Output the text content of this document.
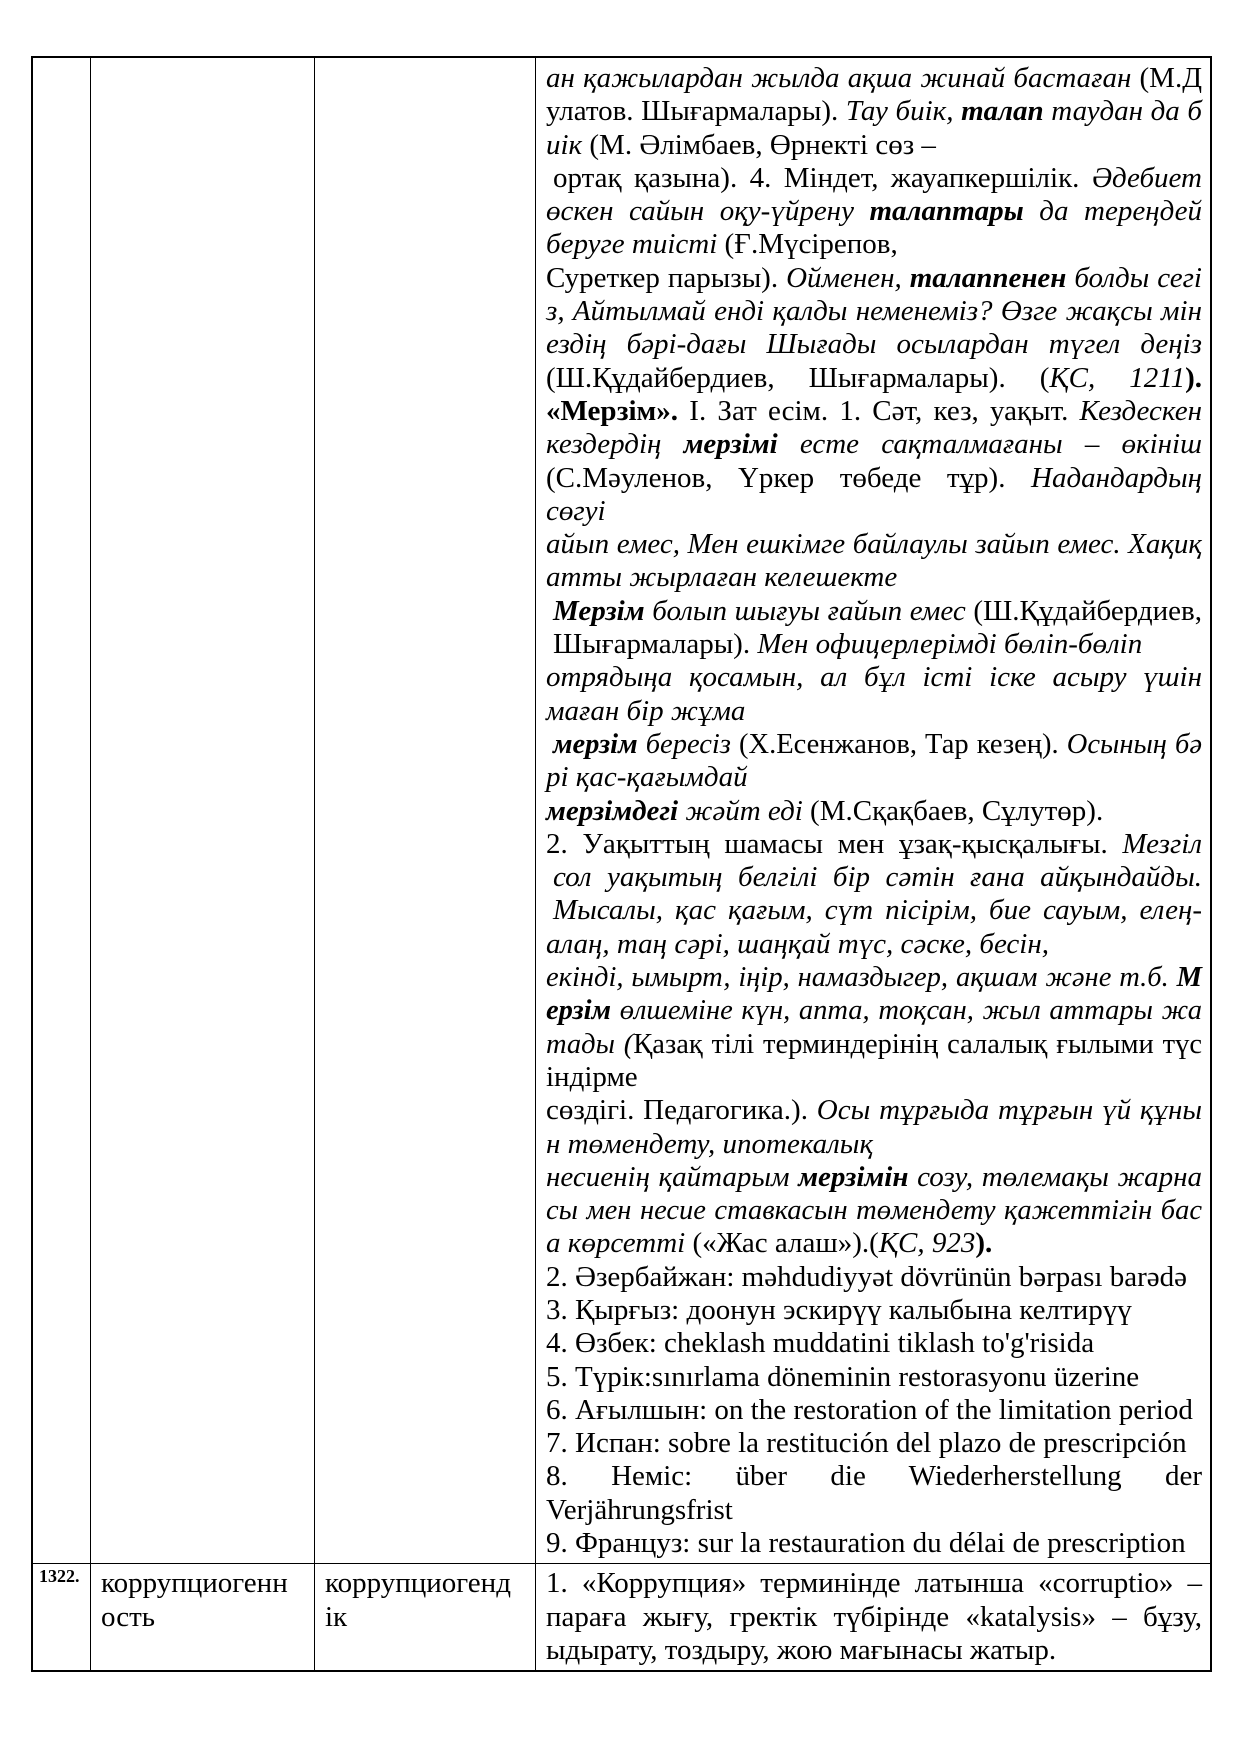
ан қажылардан жылда ақша жинай бастаған (М.Д
улатов. Шығармалары). Тау биік, талап таудан да б
иік (М. Әлімбаев, Өрнекті сөз –
ортақ қазына). 4. Міндет, жауапкершілік. Әдебиет
өскен сайын оқу-үйрену талаптары да тереңдей
беруге тиісті (Ғ.Мүсірепов,
Суреткер парызы). Ойменен, талаппенен болды сегі
з, Айтылмай енді қалды неменеміз? Өзге жақсы мін
ездің бәрі-дағы Шығады осылардан түгел деңіз
(Ш.Құдайбердиев, Шығармалары). (ҚС, 1211).
«Мерзім». I. Зат есім. 1. Сәт, кез, уақыт. Кездескен
кездердің мерзімі есте сақталмағаны – өкініш
(С.Мәуленов, Үркер төбеде тұр). Надандардың
сөгуі
айып емес, Мен ешкімге байлаулы зайып емес. Хақиқ
атты жырлаған келешекте
Мерзім болып шығуы ғайып емес (Ш.Құдайбердиев,
Шығармалары). Мен офицерлерімді бөліп-бөліп
отрядыңа қосамын, ал бұл істі іске асыру үшін
маған бір жұма
мерзім бересіз (Х.Есенжанов, Тар кезең). Осының бә
рі қас-қағымдай
мерзімдегі жәйт еді (М.Сқақбаев, Сұлутөр).
2. Уақыттың шамасы мен ұзақ-қысқалығы. Мезгіл
сол уақытың белгілі бір сәтін ғана айқындайды.
Мысалы, қас қағым, сүт пісірім, бие сауым, елең-
алаң, таң сәрі, шаңқай түс, сәске, бесін,
екінді, ымырт, іңір, намаздыгер, ақшам және т.б. М
ерзім өлшеміне күн, апта, тоқсан, жыл аттары жа
тады (Қазақ тілі терминдерінің салалық ғылыми түс
індірме
сөздігі. Педагогика.). Осы тұрғыда тұрғын үй құны
н төмендету, ипотекалық
несиенің қайтарым мерзімін созу, төлемақы жарна
сы мен несие ставкасын төмендету қажеттігін бас
а көрсетті («Жас алаш»).(ҚС, 923).
2. Әзербайжан: məhdudiyyət dövrünün bərpası barədə
3. Қырғыз: доонун эскирүү калыбына келтирүү
4. Өзбек: cheklash muddatini tiklash to'g'risida
5. Түрік:sınırlama döneminin restorasyonu üzerine
6. Ағылшын: on the restoration of the limitation period
7. Испан: sobre la restitución del plazo de prescripción
8. Неміс: über die Wiederherstellung der
Verjährungsfrist
9. Француз: sur la restauration du délai de prescription
1322. коррупциогенн
ость
коррупциогенд
ік
1. «Коррупция» терминінде латынша «corruptio» –
параға жығу, гректік түбірінде «katalysis» – бұзу,
ыдырату, тоздыру, жою мағынасы жатыр.
